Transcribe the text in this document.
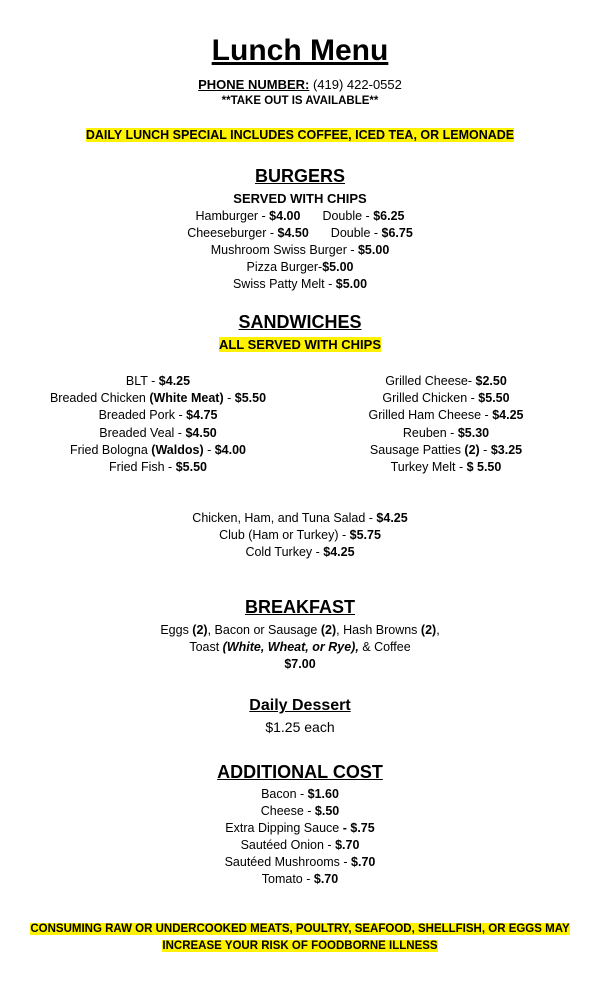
Lunch Menu
PHONE NUMBER: (419) 422-0552
**TAKE OUT IS AVAILABLE**
DAILY LUNCH SPECIAL INCLUDES COFFEE, ICED TEA, OR LEMONADE
BURGERS
SERVED WITH CHIPS
Hamburger - $4.00 Double - $6.25
Cheeseburger - $4.50 Double - $6.75
Mushroom Swiss Burger - $5.00
Pizza Burger-$5.00
Swiss Patty Melt - $5.00
SANDWICHES
ALL SERVED WITH CHIPS
BLT - $4.25
Breaded Chicken (White Meat) - $5.50
Breaded Pork - $4.75
Breaded Veal - $4.50
Fried Bologna (Waldos) - $4.00
Fried Fish - $5.50
Grilled Cheese- $2.50
Grilled Chicken - $5.50
Grilled Ham Cheese - $4.25
Reuben - $5.30
Sausage Patties (2) - $3.25
Turkey Melt - $ 5.50
Chicken, Ham, and Tuna Salad - $4.25
Club (Ham or Turkey) - $5.75
Cold Turkey - $4.25
BREAKFAST
Eggs (2), Bacon or Sausage (2), Hash Browns (2),
Toast (White, Wheat, or Rye), & Coffee
$7.00
Daily Dessert
$1.25 each
ADDITIONAL COST
Bacon - $1.60
Cheese - $.50
Extra Dipping Sauce - $.75
Sautéed Onion - $.70
Sautéed Mushrooms - $.70
Tomato - $.70
CONSUMING RAW OR UNDERCOOKED MEATS, POULTRY, SEAFOOD, SHELLFISH, OR EGGS MAY
INCREASE YOUR RISK OF FOODBORNE ILLNESS
